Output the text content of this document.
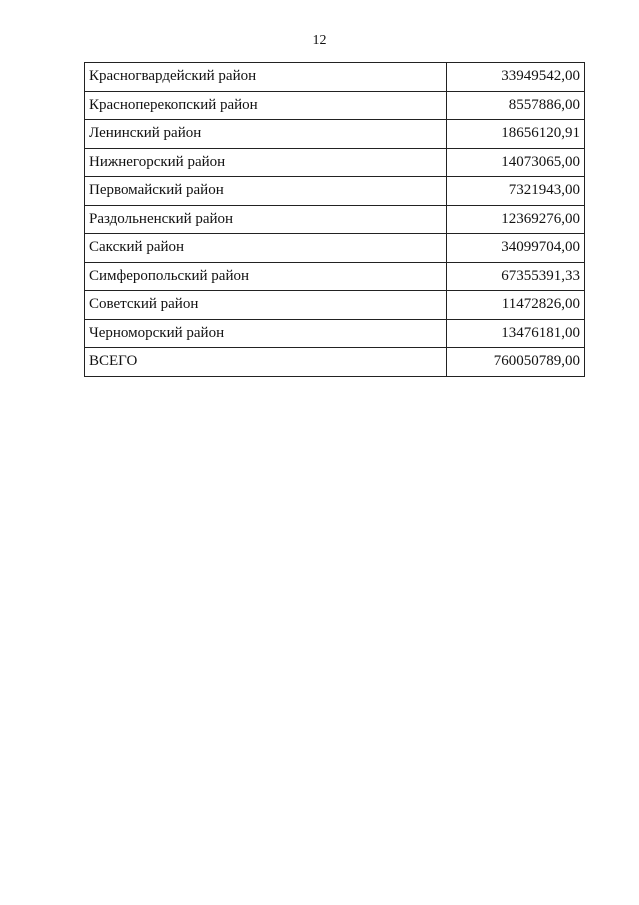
12
Красногвардейский район	33949542,00
Красноперекопский район	8557886,00
Ленинский район	18656120,91
Нижнегорский район	14073065,00
Первомайский район	7321943,00
Раздольненский район	12369276,00
Сакский район	34099704,00
Симферопольский район	67355391,33
Советский район	11472826,00
Черноморский район	13476181,00
ВСЕГО	760050789,00
